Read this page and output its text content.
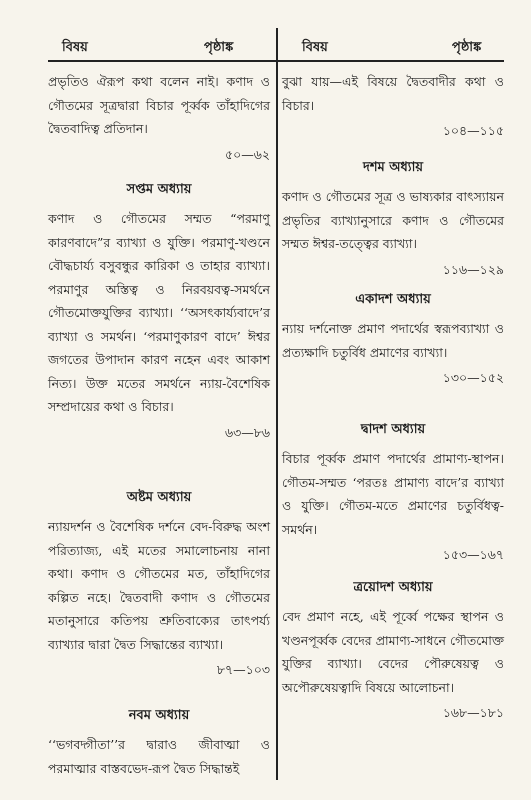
বিষয়	পৃষ্ঠাঙ্ক	বিষয়	পৃষ্ঠাঙ্ক

প্রভৃতিও ঐরূপ কথা বলেন নাই। কণাদ ও গৌতমের সূত্রদ্বারা বিচার পূর্ব্বক তাঁহাদিগের দ্বৈতবাদিত্ব প্রতিদান।

৫০—৬২

সপ্তম অধ্যায়

কণাদ ও গৌতমের সম্মত “পরমাণু কারণবাদে”র ব্যাখ্যা ও যুক্তি। পরমাণু-খণ্ডনে বৌদ্ধচার্য্য বসুবন্ধুর কারিকা ও তাহার ব্যাখ্যা। পরমাণুর অস্তিত্ব ও নিরবয়বত্ব-সমর্থনে গৌতমোক্তযুক্তির ব্যাখ্যা। ‘‘অসৎকার্য্যবাদে’র ব্যাখ্যা ও সমর্থন। ‘পরমাণুকারণ বাদে’ ঈশ্বর জগতের উপাদান কারণ নহেন এবং আকাশ নিত্য। উক্ত মতের সমর্থনে ন্যায়-বৈশেষিক সম্প্রদায়ের কথা ও বিচার।

৬৩—৮৬

অষ্টম অধ্যায়

ন্যায়দর্শন ও বৈশেষিক দর্শনে বেদ-বিরুদ্ধ অংশ পরিত্যাজ্য, এই মতের সমালোচনায় নানা কথা। কণাদ ও গৌতমের মত, তাঁহাদিগের কল্পিত নহে। দ্বৈতবাদী কণাদ ও গৌতমের মতানুসারে কতিপয় শ্রুতিবাক্যের তাৎপর্য্য ব্যাখ্যার দ্বারা দ্বৈত সিদ্ধান্তের ব্যাখ্যা।

৮৭—১০৩

নবম অধ্যায়

‘‘ভগবদ্গীতা’’র দ্বারাও জীবাত্মা ও পরমাত্মার বাস্তবভেদ-রূপ দ্বৈত সিদ্ধান্তই

বুঝা যায়—এই বিষয়ে দ্বৈতবাদীর কথা ও বিচার।

১০৪—১১৫

দশম অধ্যায়

কণাদ ও গৌতমের সূত্র ও ভাষ্যকার বাৎস্যায়ন প্রভৃতির ব্যাখ্যানুসারে কণাদ ও গৌতমের সম্মত ঈশ্বর-তত্ত্বের ব্যাখ্যা।

১১৬—১২৯

একাদশ অধ্যায়

ন্যায় দর্শনোক্ত প্রমাণ পদার্থের স্বরূপব্যাখ্যা ও প্রত্যক্ষাদি চতুর্বিধ প্রমাণের ব্যাখ্যা।

১৩০—১৫২

দ্বাদশ অধ্যায়

বিচার পূর্ব্বক প্রমাণ পদার্থের প্রামাণ্য-স্থাপন। গৌতম-সম্মত ‘পরতঃ প্রামাণ্য বাদে’র ব্যাখ্যা ও যুক্তি। গৌতম-মতে প্রমাণের চতুর্বিধত্ব-সমর্থন।

১৫৩—১৬৭

ত্রয়োদশ অধ্যায়

বেদ প্রমাণ নহে, এই পূর্ব্বে পক্ষের স্থাপন ও খণ্ডনপূর্ব্বক বেদের প্রামাণ্য-সাধনে গৌতমোক্ত যুক্তির ব্যাখ্যা। বেদের পৌরুষেয়ত্ব ও অপৌরুষেয়ত্বাদি বিষয়ে আলোচনা।

১৬৮—১৮১
